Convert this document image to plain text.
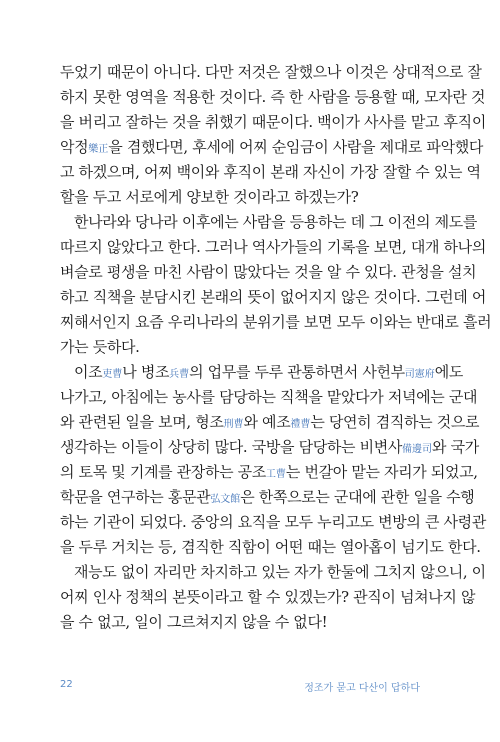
두었기 때문이 아니다. 다만 저것은 잘했으나 이것은 상대적으로 잘
하지 못한 영역을 적용한 것이다. 즉 한 사람을 등용할 때, 모자란 것
을 버리고 잘하는 것을 취했기 때문이다. 백이가 사사를 맡고 후직이
악정樂正을 겸했다면, 후세에 어찌 순임금이 사람을 제대로 파악했다
고 하겠으며, 어찌 백이와 후직이 본래 자신이 가장 잘할 수 있는 역
할을 두고 서로에게 양보한 것이라고 하겠는가?
한나라와 당나라 이후에는 사람을 등용하는 데 그 이전의 제도를
따르지 않았다고 한다. 그러나 역사가들의 기록을 보면, 대개 하나의
벼슬로 평생을 마친 사람이 많았다는 것을 알 수 있다. 관청을 설치
하고 직책을 분담시킨 본래의 뜻이 없어지지 않은 것이다. 그런데 어
찌해서인지 요즘 우리나라의 분위기를 보면 모두 이와는 반대로 흘러
가는 듯하다.
이조吏曹나 병조兵曹의 업무를 두루 관통하면서 사헌부司憲府에도
나가고, 아침에는 농사를 담당하는 직책을 맡았다가 저녁에는 군대
와 관련된 일을 보며, 형조刑曹와 예조禮曹는 당연히 겸직하는 것으로
생각하는 이들이 상당히 많다. 국방을 담당하는 비변사備邊司와 국가
의 토목 및 기계를 관장하는 공조工曹는 번갈아 맡는 자리가 되었고,
학문을 연구하는 홍문관弘文館은 한쪽으로는 군대에 관한 일을 수행
하는 기관이 되었다. 중앙의 요직을 모두 누리고도 변방의 큰 사령관
을 두루 거치는 등, 겸직한 직함이 어떤 때는 열아홉이 넘기도 한다.
재능도 없이 자리만 차지하고 있는 자가 한둘에 그치지 않으니, 이
어찌 인사 정책의 본뜻이라고 할 수 있겠는가? 관직이 넘쳐나지 않
을 수 없고, 일이 그르쳐지지 않을 수 없다!

22	정조가 묻고 다산이 답하다
